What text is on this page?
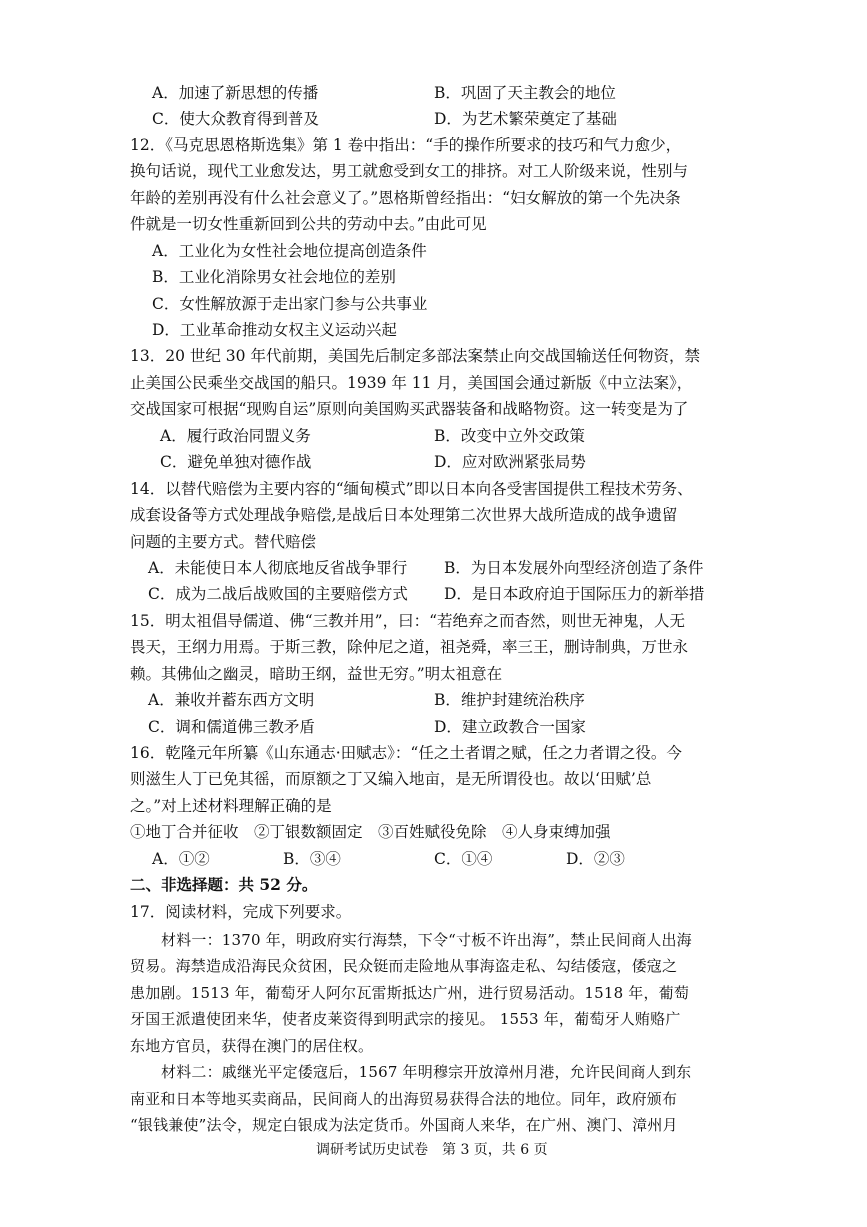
A．加速了新思想的传播	B．巩固了天主教会的地位
C．使大众教育得到普及	D．为艺术繁荣奠定了基础
12．《马克思恩格斯选集》第 1 卷中指出：“手的操作所要求的技巧和气力愈少，
换句话说，现代工业愈发达，男工就愈受到女工的排挤。对工人阶级来说，性别与
年龄的差别再没有什么社会意义了。”恩格斯曾经指出：“妇女解放的第一个先决条
件就是一切女性重新回到公共的劳动中去。”由此可见
A．工业化为女性社会地位提高创造条件
B．工业化消除男女社会地位的差别
C．女性解放源于走出家门参与公共事业
D．工业革命推动女权主义运动兴起
13．20 世纪 30 年代前期，美国先后制定多部法案禁止向交战国输送任何物资，禁
止美国公民乘坐交战国的船只。1939 年 11 月，美国国会通过新版《中立法案》，
交战国家可根据“现购自运”原则向美国购买武器装备和战略物资。这一转变是为了
A．履行政治同盟义务	B．改变中立外交政策
C．避免单独对德作战	D．应对欧洲紧张局势
14．以替代赔偿为主要内容的“缅甸模式”即以日本向各受害国提供工程技术劳务、
成套设备等方式处理战争赔偿,是战后日本处理第二次世界大战所造成的战争遗留
问题的主要方式。替代赔偿
A．未能使日本人彻底地反省战争罪行 B．为日本发展外向型经济创造了条件
C．成为二战后战败国的主要赔偿方式 D．是日本政府迫于国际压力的新举措
15．明太祖倡导儒道、佛“三教并用”，曰：“若绝弃之而杳然，则世无神鬼，人无
畏天，王纲力用焉。于斯三教，除仲尼之道，祖尧舜，率三王，删诗制典，万世永
赖。其佛仙之幽灵，暗助王纲，益世无穷。”明太祖意在
A．兼收并蓄东西方文明	B．维护封建统治秩序
C．调和儒道佛三教矛盾	D．建立政教合一国家
16．乾隆元年所纂《山东通志·田赋志》：“任之土者谓之赋，任之力者谓之役。今
则滋生人丁已免其徭，而原额之丁又编入地亩，是无所谓役也。故以‘田赋’总
之。”对上述材料理解正确的是
①地丁合并征收　②丁银数额固定　③百姓赋役免除　④人身束缚加强
A．①②	B．③④	C．①④	D．②③
二、非选择题：共 52 分。
17．阅读材料，完成下列要求。
材料一：1370 年，明政府实行海禁，下令“寸板不许出海”，禁止民间商人出海
贸易。海禁造成沿海民众贫困，民众铤而走险地从事海盗走私、勾结倭寇，倭寇之
患加剧。1513 年，葡萄牙人阿尔瓦雷斯抵达广州，进行贸易活动。1518 年，葡萄
牙国王派遣使团来华，使者皮莱资得到明武宗的接见。 1553 年，葡萄牙人贿赂广
东地方官员，获得在澳门的居住权。
材料二：戚继光平定倭寇后，1567 年明穆宗开放漳州月港，允许民间商人到东
南亚和日本等地买卖商品，民间商人的出海贸易获得合法的地位。同年，政府颁布
“银钱兼使”法令，规定白银成为法定货币。外国商人来华，在广州、澳门、漳州月
调研考试历史试卷　第 3 页，共 6 页
